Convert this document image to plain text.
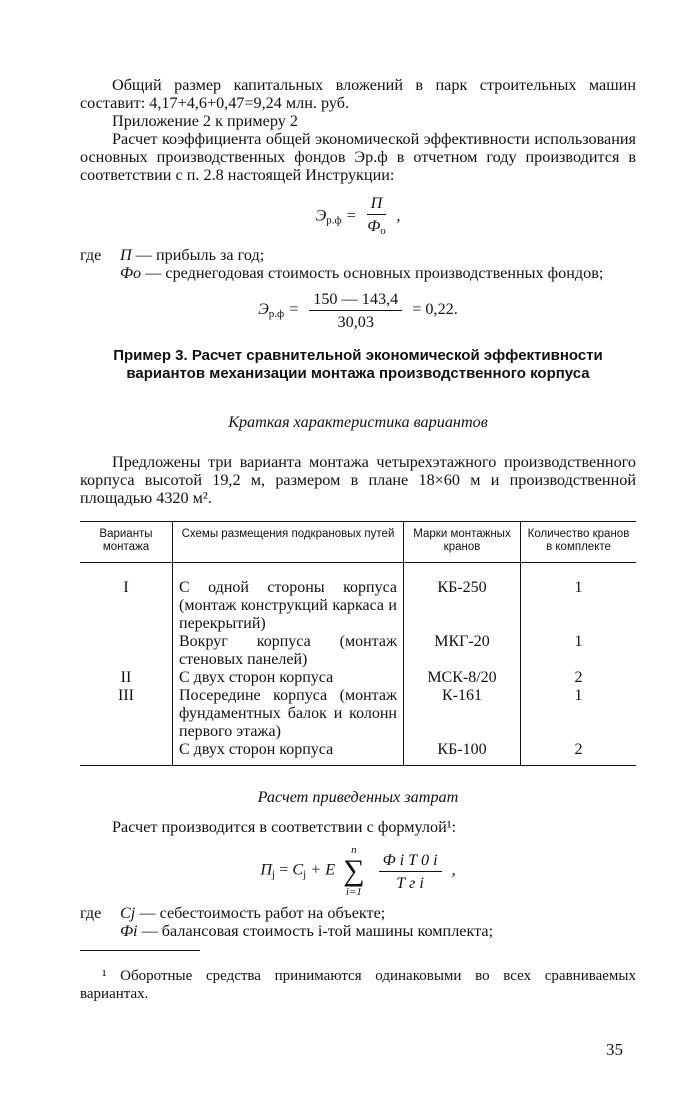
Общий размер капитальных вложений в парк строительных машин составит: 4,17+4,6+0,47=9,24 млн. руб.

Приложение 2 к примеру 2

Расчет коэффициента общей экономической эффективности использования основных производственных фондов Эр.ф в отчетном году производится в соответствии с п. 2.8 настоящей Инструкции:

$Э_{р.ф} = \frac{П}{Ф_о}$ ,
где	П — прибыль за год;
Фо — среднегодовая стоимость основных производственных фондов;
$Э_{р.ф} = \frac{150 — 143,4}{30,03} = 0,22$.
Пример 3. Расчет сравнительной экономической эффективности вариантов механизации монтажа производственного корпуса
Краткая характеристика вариантов

Предложены три варианта монтажа четырехэтажного производственного корпуса высотой 19,2 м, размером в плане 18×60 м и производственной площадью 4320 м².

Варианты монтажа	Схемы размещения подкрановых путей	Марки монтажных кранов	Количество кранов в комплекте
I	С одной стороны корпуса (монтаж конструкций каркаса и перекрытий)	КБ-250	1
	Вокруг корпуса (монтаж стеновых панелей)	МКГ-20	1
II	С двух сторон корпуса	МСК-8/20	2
III	Посередине корпуса (монтаж фундаментных балок и колонн первого этажа)	К-161	1
	С двух сторон корпуса	КБ-100	2
Расчет приведенных затрат

Расчет производится в соответствии с формулой¹:

$П_j = C_j + E$ n
∑
i=1
$\frac{\text{Ф i T 0 i}}{\text{T г i}}$ ,
где	Cj — себестоимость работ на объекте;
Фi — балансовая стоимость i-той машины комплекта;

¹ Оборотные средства принимаются одинаковыми во всех сравниваемых вариантах.

35
